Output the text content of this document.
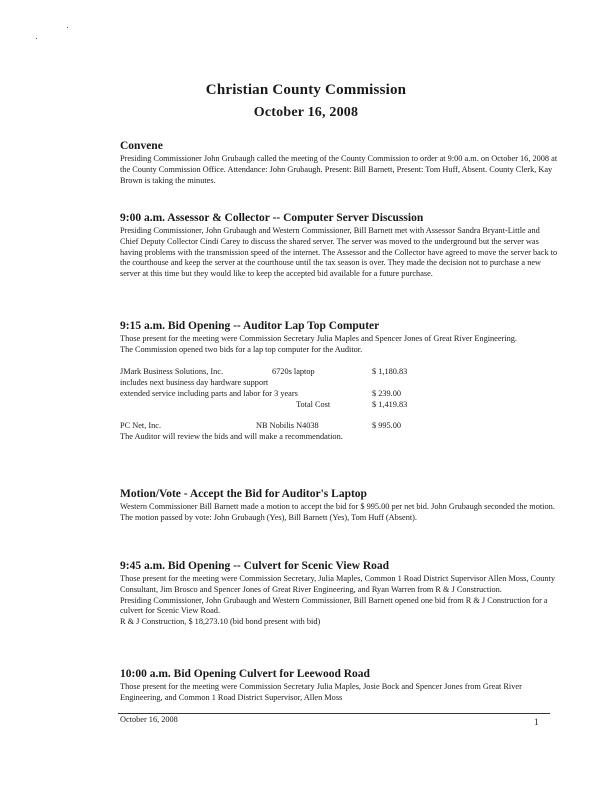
Christian County Commission
October 16, 2008
Convene
Presiding Commissioner John Grubaugh called the meeting of the County Commission to order at 9:00 a.m. on October 16, 2008 at the County Commission Office. Attendance: John Grubaugh. Present: Bill Barnett, Present: Tom Huff, Absent. County Clerk, Kay Brown is taking the minutes.
9:00 a.m. Assessor & Collector -- Computer Server Discussion
Presiding Commissioner, John Grubaugh and Western Commissioner, Bill Barnett met with Assessor Sandra Bryant-Little and Chief Deputy Collector Cindi Carey to discuss the shared server. The server was moved to the underground but the server was having problems with the transmission speed of the internet. The Assessor and the Collector have agreed to move the server back to the courthouse and keep the server at the courthouse until the tax season is over. They made the decision not to purchase a new server at this time but they would like to keep the accepted bid available for a future purchase.
9:15 a.m. Bid Opening -- Auditor Lap Top Computer
Those present for the meeting were Commission Secretary Julia Maples and Spencer Jones of Great River Engineering.
The Commission opened two bids for a lap top computer for the Auditor.
JMark Business Solutions, Inc.	6720s laptop	$ 1,180.83
includes next business day hardware support
extended service including parts and labor for 3 years	$ 239.00
Total Cost	$ 1,419.83
PC Net, Inc.	NB Nobilis N4038	$ 995.00
The Auditor will review the bids and will make a recommendation.
Motion/Vote - Accept the Bid for Auditor's Laptop
Western Commissioner Bill Barnett made a motion to accept the bid for $ 995.00 per net bid. John Grubaugh seconded the motion. The motion passed by vote: John Grubaugh (Yes), Bill Barnett (Yes), Tom Huff (Absent).
9:45 a.m. Bid Opening -- Culvert for Scenic View Road
Those present for the meeting were Commission Secretary, Julia Maples, Common 1 Road District Supervisor Allen Moss, County Consultant, Jim Brosco and Spencer Jones of Great River Engineering, and Ryan Warren from R & J Construction.
Presiding Commissioner, John Grubaugh and Western Commissioner, Bill Barnett opened one bid from R & J Construction for a culvert for Scenic View Road.
R & J Construction, $ 18,273.10 (bid bond present with bid)
10:00 a.m. Bid Opening Culvert for Leewood Road
Those present for the meeting were Commission Secretary Julia Maples, Josie Bock and Spencer Jones from Great River Engineering, and Common 1 Road District Supervisor, Allen Moss
October 16, 2008	1
